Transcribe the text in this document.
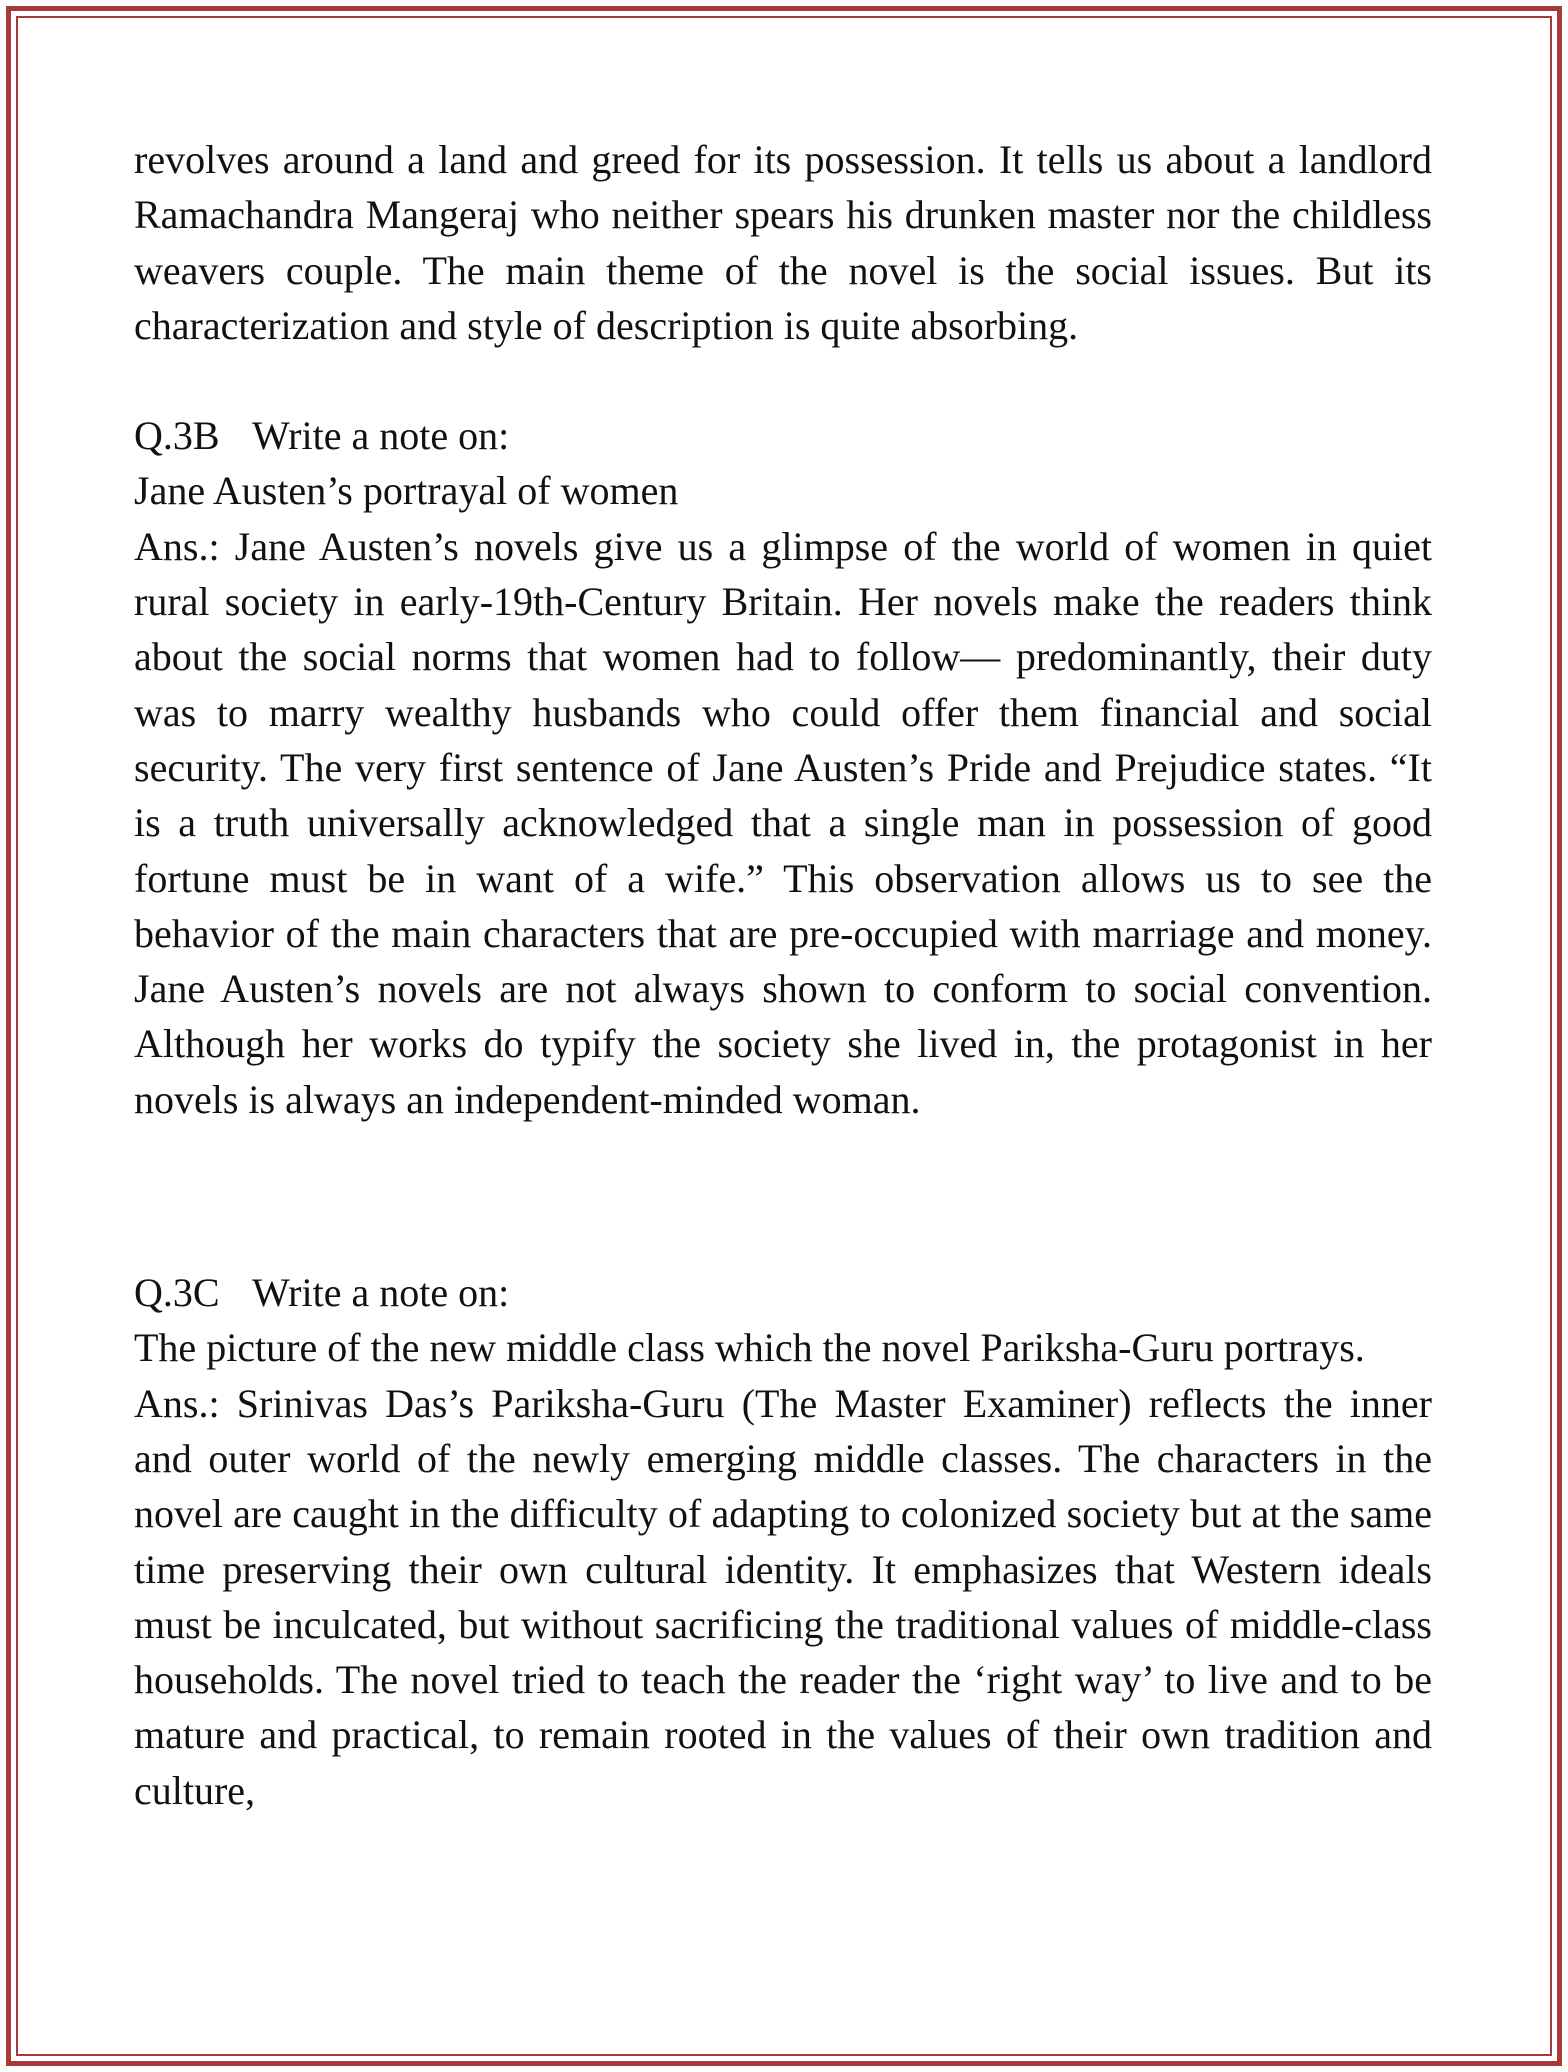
revolves around a land and greed for its possession. It tells us about a landlord Ramachandra Mangeraj who neither spears his drunken master nor the childless weavers couple. The main theme of the novel is the social issues. But its characterization and style of description is quite absorbing.

Q.3B Write a note on:

Jane Austen’s portrayal of women

Ans.: Jane Austen’s novels give us a glimpse of the world of women in quiet rural society in early-19th-Century Britain. Her novels make the readers think about the social norms that women had to follow— predominantly, their duty was to marry wealthy husbands who could offer them financial and social security. The very first sentence of Jane Austen’s Pride and Prejudice states. “It is a truth universally acknowledged that a single man in possession of good fortune must be in want of a wife.” This observation allows us to see the behavior of the main characters that are pre-occupied with marriage and money. Jane Austen’s novels are not always shown to conform to social convention. Although her works do typify the society she lived in, the protagonist in her novels is always an independent-minded woman.

Q.3C Write a note on:

The picture of the new middle class which the novel Pariksha-Guru portrays.

Ans.: Srinivas Das’s Pariksha-Guru (The Master Examiner) reflects the inner and outer world of the newly emerging middle classes. The characters in the novel are caught in the difficulty of adapting to colonized society but at the same time preserving their own cultural identity. It emphasizes that Western ideals must be inculcated, but without sacrificing the traditional values of middle-class households. The novel tried to teach the reader the ‘right way’ to live and to be mature and practical, to remain rooted in the values of their own tradition and culture,
